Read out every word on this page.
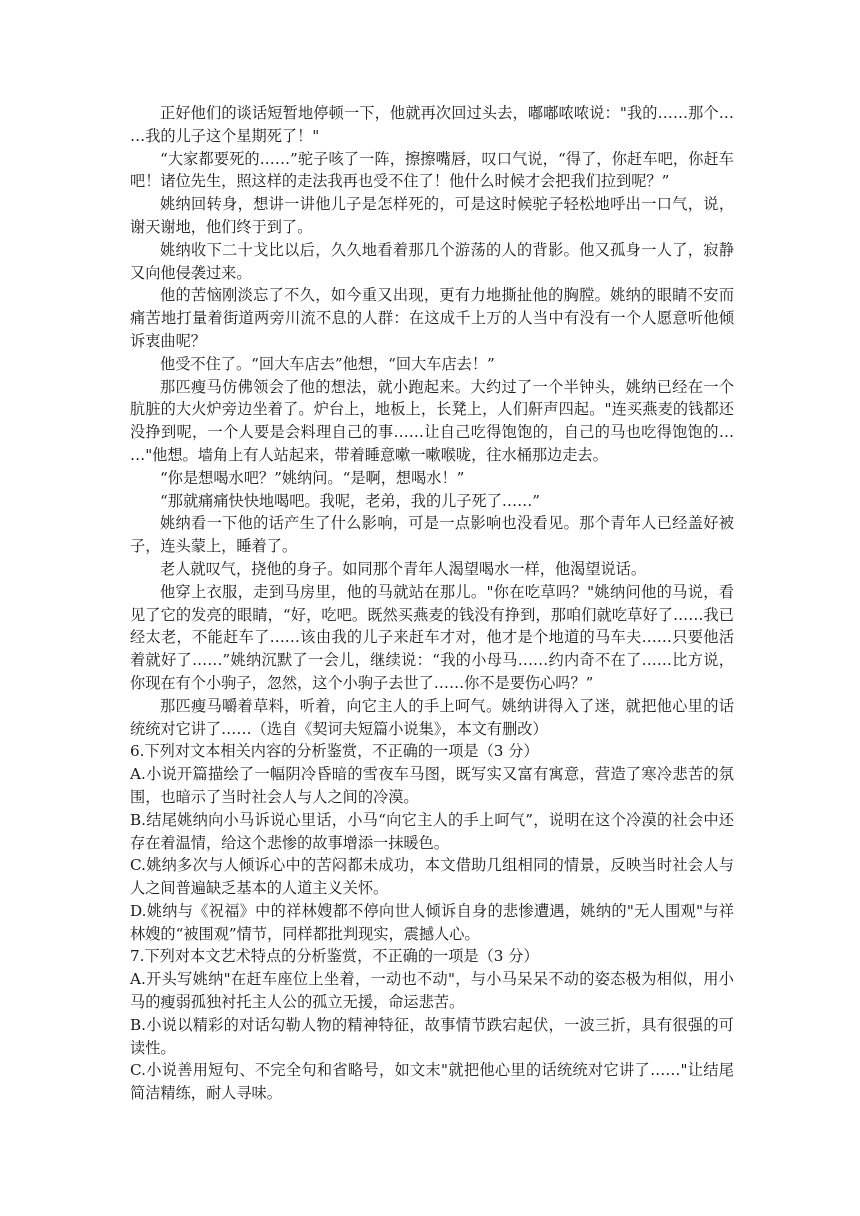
正好他们的谈话短暂地停顿一下，他就再次回过头去，嘟嘟哝哝说："我的……那个……我的儿子这个星期死了！"

“大家都要死的……”驼子咳了一阵，擦擦嘴唇，叹口气说，“得了，你赶车吧，你赶车吧！诸位先生，照这样的走法我再也受不住了！他什么时候才会把我们拉到呢？”

姚纳回转身，想讲一讲他儿子是怎样死的，可是这时候驼子轻松地呼出一口气，说，谢天谢地，他们终于到了。

姚纳收下二十戈比以后，久久地看着那几个游荡的人的背影。他又孤身一人了，寂静又向他侵袭过来。

他的苦恼刚淡忘了不久，如今重又出现，更有力地撕扯他的胸膛。姚纳的眼睛不安而痛苦地打量着街道两旁川流不息的人群：在这成千上万的人当中有没有一个人愿意听他倾诉衷曲呢？

他受不住了。“回大车店去”他想，“回大车店去！”

那匹瘦马仿佛领会了他的想法，就小跑起来。大约过了一个半钟头，姚纳已经在一个肮脏的大火炉旁边坐着了。炉台上，地板上，长凳上，人们鼾声四起。"连买燕麦的钱都还没挣到呢，一个人要是会料理自己的事……让自己吃得饱饱的，自己的马也吃得饱饱的……"他想。墙角上有人站起来，带着睡意嗽一嗽喉咙，往水桶那边走去。

“你是想喝水吧？”姚纳问。“是啊，想喝水！”

“那就痛痛快快地喝吧。我呢，老弟，我的儿子死了……”

姚纳看一下他的话产生了什么影响，可是一点影响也没看见。那个青年人已经盖好被子，连头蒙上，睡着了。

老人就叹气，挠他的身子。如同那个青年人渴望喝水一样，他渴望说话。

他穿上衣服，走到马房里，他的马就站在那儿。"你在吃草吗？"姚纳问他的马说，看见了它的发亮的眼睛，“好，吃吧。既然买燕麦的钱没有挣到，那咱们就吃草好了……我已经太老，不能赶车了……该由我的儿子来赶车才对，他才是个地道的马车夫……只要他活着就好了……”姚纳沉默了一会儿，继续说：“我的小母马……约内奇不在了……比方说，你现在有个小驹子，忽然，这个小驹子去世了……你不是要伤心吗？”

那匹瘦马嚼着草料，听着，向它主人的手上呵气。姚纳讲得入了迷，就把他心里的话统统对它讲了……（选自《契诃夫短篇小说集》，本文有删改）

6.下列对文本相关内容的分析鉴赏，不正确的一项是（3 分）

A.小说开篇描绘了一幅阴冷昏暗的雪夜车马图，既写实又富有寓意，营造了寒冷悲苦的氛围，也暗示了当时社会人与人之间的冷漠。

B.结尾姚纳向小马诉说心里话，小马“向它主人的手上呵气”，说明在这个冷漠的社会中还存在着温情，给这个悲惨的故事增添一抹暖色。

C.姚纳多次与人倾诉心中的苦闷都未成功，本文借助几组相同的情景，反映当时社会人与人之间普遍缺乏基本的人道主义关怀。

D.姚纳与《祝福》中的祥林嫂都不停向世人倾诉自身的悲惨遭遇，姚纳的"无人围观"与祥林嫂的“被围观”情节，同样都批判现实，震撼人心。

7.下列对本文艺术特点的分析鉴赏，不正确的一项是（3 分）

A.开头写姚纳"在赶车座位上坐着，一动也不动"，与小马呆呆不动的姿态极为相似，用小马的瘦弱孤独衬托主人公的孤立无援，命运悲苦。

B.小说以精彩的对话勾勒人物的精神特征，故事情节跌宕起伏，一波三折，具有很强的可读性。

C.小说善用短句、不完全句和省略号，如文末"就把他心里的话统统对它讲了……"让结尾简洁精练，耐人寻味。
